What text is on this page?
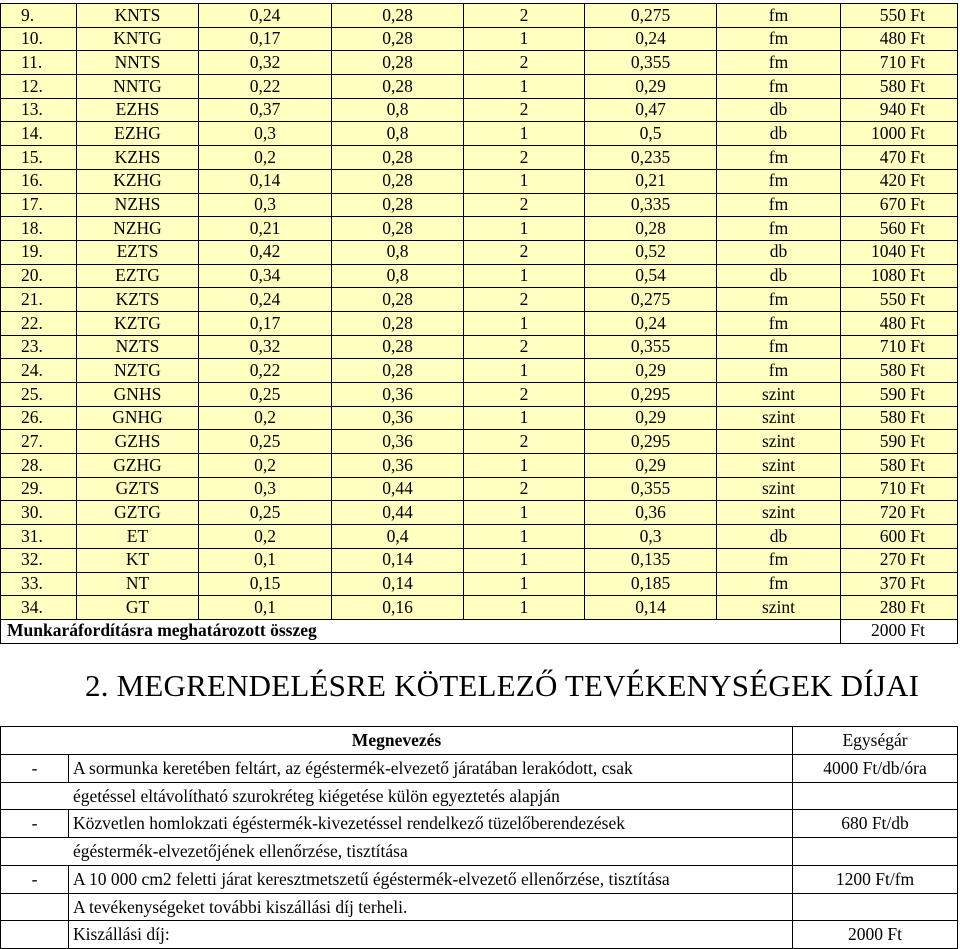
9.	KNTS	0,24	0,28	2	0,275	fm	550 Ft
10.	KNTG	0,17	0,28	1	0,24	fm	480 Ft
11.	NNTS	0,32	0,28	2	0,355	fm	710 Ft
12.	NNTG	0,22	0,28	1	0,29	fm	580 Ft
13.	EZHS	0,37	0,8	2	0,47	db	940 Ft
14.	EZHG	0,3	0,8	1	0,5	db	1000 Ft
15.	KZHS	0,2	0,28	2	0,235	fm	470 Ft
16.	KZHG	0,14	0,28	1	0,21	fm	420 Ft
17.	NZHS	0,3	0,28	2	0,335	fm	670 Ft
18.	NZHG	0,21	0,28	1	0,28	fm	560 Ft
19.	EZTS	0,42	0,8	2	0,52	db	1040 Ft
20.	EZTG	0,34	0,8	1	0,54	db	1080 Ft
21.	KZTS	0,24	0,28	2	0,275	fm	550 Ft
22.	KZTG	0,17	0,28	1	0,24	fm	480 Ft
23.	NZTS	0,32	0,28	2	0,355	fm	710 Ft
24.	NZTG	0,22	0,28	1	0,29	fm	580 Ft
25.	GNHS	0,25	0,36	2	0,295	szint	590 Ft
26.	GNHG	0,2	0,36	1	0,29	szint	580 Ft
27.	GZHS	0,25	0,36	2	0,295	szint	590 Ft
28.	GZHG	0,2	0,36	1	0,29	szint	580 Ft
29.	GZTS	0,3	0,44	2	0,355	szint	710 Ft
30.	GZTG	0,25	0,44	1	0,36	szint	720 Ft
31.	ET	0,2	0,4	1	0,3	db	600 Ft
32.	KT	0,1	0,14	1	0,135	fm	270 Ft
33.	NT	0,15	0,14	1	0,185	fm	370 Ft
34.	GT	0,1	0,16	1	0,14	szint	280 Ft
Munkaráfordításra meghatározott összeg							2000 Ft
2. MEGRENDELÉSRE KÖTELEZŐ TEVÉKENYSÉGEK DÍJAI
Megnevezés		Egységár
-	A sormunka keretében feltárt, az égéstermék-elvezető járatában lerakódott, csak	4000 Ft/db/óra
égetéssel eltávolítható szurokréteg kiégetése külön egyeztetés alapján		
-	Közvetlen homlokzati égéstermék-kivezetéssel rendelkező tüzelőberendezések	680 Ft/db
égéstermék-elvezetőjének ellenőrzése, tisztítása		
-	A 10 000 cm2 feletti járat keresztmetszetű égéstermék-elvezető ellenőrzése, tisztítása	1200 Ft/fm
	A tevékenységeket további kiszállási díj terheli.	
	Kiszállási díj:	2000 Ft
